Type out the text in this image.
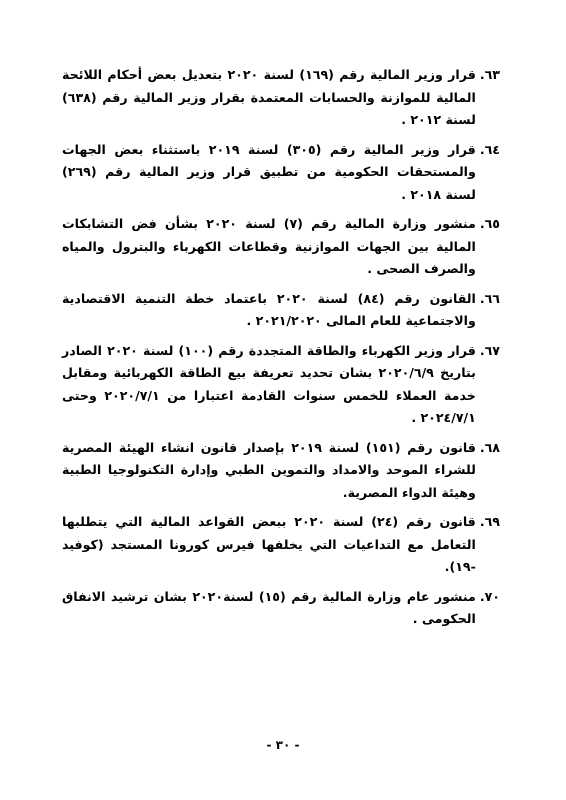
٦٣.
قرار وزير المالية رقم (١٦٩) لسنة ٢٠٢٠ بتعديل بعض أحكام اللائحة المالية للموازنة والحسابات المعتمدة بقرار وزير المالية رقم (٦٣٨) لسنة ٢٠١٢ .
٦٤.
قرار وزير المالية رقم (٣٠٥) لسنة ٢٠١٩ باستثناء بعض الجهات والمستحقات الحكومية من تطبيق قرار وزير المالية رقم (٢٦٩) لسنة ٢٠١٨ .
٦٥.
منشور وزارة المالية رقم (٧) لسنة ٢٠٢٠ بشأن فض التشابكات المالية بين الجهات الموازنية وقطاعات الكهرباء والبترول والمياه والصرف الصحى .
٦٦.
القانون رقم (٨٤) لسنة ٢٠٢٠ باعتماد خطة التنمية الاقتصادية والاجتماعية للعام المالى ٢٠٢١/٢٠٢٠ .
٦٧.
قرار وزير الكهرباء والطاقة المتجددة رقم (١٠٠) لسنة ٢٠٢٠ الصادر بتاريخ ٢٠٢٠/٦/٩ بشان تحديد تعريفة بيع الطاقة الكهربائية ومقابل خدمة العملاء للخمس سنوات القادمة اعتبارا من ٢٠٢٠/٧/١ وحتى ٢٠٢٤/٧/١ .
٦٨.
قانون رقم (١٥١) لسنة ٢٠١٩ بإصدار قانون انشاء الهيئة المصرية للشراء الموحد والامداد والتموين الطبي وإدارة التكنولوجيا الطبية وهيئة الدواء المصرية.
٦٩.
قانون رقم (٢٤) لسنة ٢٠٢٠ ببعض القواعد المالية التي يتطلبها التعامل مع التداعيات التي يخلفها فيرس كورونا المستجد (كوفيد -١٩).
٧٠.
منشور عام وزارة المالية رقم (١٥) لسنة٢٠٢٠ بشان ترشيد الانفاق الحكومى .
- ٣٠ -
